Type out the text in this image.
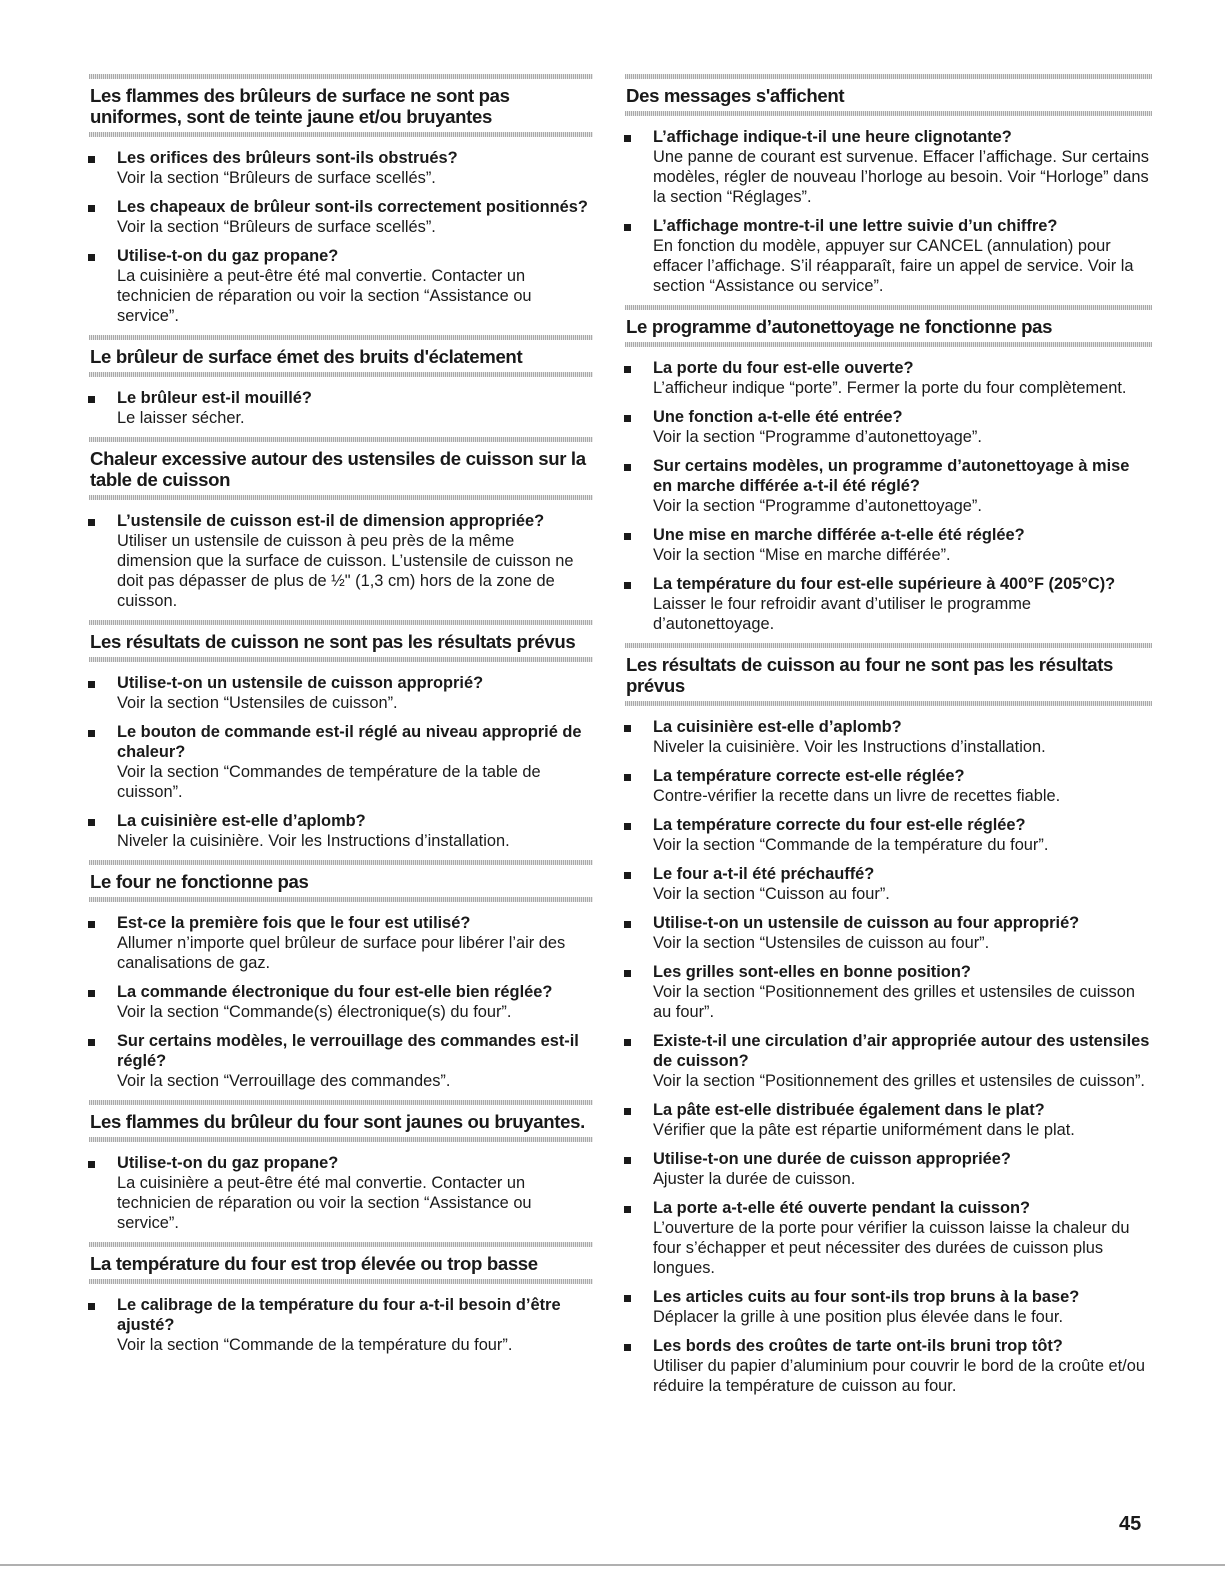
Les flammes des brûleurs de surface ne sont pas uniformes, sont de teinte jaune et/ou bruyantes
Les orifices des brûleurs sont-ils obstrués?
Voir la section “Brûleurs de surface scellés”.
Les chapeaux de brûleur sont-ils correctement positionnés?
Voir la section “Brûleurs de surface scellés”.
Utilise-t-on du gaz propane?
La cuisinière a peut-être été mal convertie. Contacter un technicien de réparation ou voir la section “Assistance ou service”.
Le brûleur de surface émet des bruits d'éclatement
Le brûleur est-il mouillé?
Le laisser sécher.
Chaleur excessive autour des ustensiles de cuisson sur la table de cuisson
L’ustensile de cuisson est-il de dimension appropriée?
Utiliser un ustensile de cuisson à peu près de la même dimension que la surface de cuisson. L’ustensile de cuisson ne doit pas dépasser de plus de ½" (1,3 cm) hors de la zone de cuisson.
Les résultats de cuisson ne sont pas les résultats prévus
Utilise-t-on un ustensile de cuisson approprié?
Voir la section “Ustensiles de cuisson”.
Le bouton de commande est-il réglé au niveau approprié de chaleur?
Voir la section “Commandes de température de la table de cuisson”.
La cuisinière est-elle d’aplomb?
Niveler la cuisinière. Voir les Instructions d’installation.
Le four ne fonctionne pas
Est-ce la première fois que le four est utilisé?
Allumer n’importe quel brûleur de surface pour libérer l’air des canalisations de gaz.
La commande électronique du four est-elle bien réglée?
Voir la section “Commande(s) électronique(s) du four”.
Sur certains modèles, le verrouillage des commandes est-il réglé?
Voir la section “Verrouillage des commandes”.
Les flammes du brûleur du four sont jaunes ou bruyantes.
Utilise-t-on du gaz propane?
La cuisinière a peut-être été mal convertie. Contacter un technicien de réparation ou voir la section “Assistance ou service”.
La température du four est trop élevée ou trop basse
Le calibrage de la température du four a-t-il besoin d’être ajusté?
Voir la section “Commande de la température du four”.
Des messages s'affichent
L’affichage indique-t-il une heure clignotante?
Une panne de courant est survenue. Effacer l’affichage. Sur certains modèles, régler de nouveau l’horloge au besoin. Voir “Horloge” dans la section “Réglages”.
L’affichage montre-t-il une lettre suivie d’un chiffre?
En fonction du modèle, appuyer sur CANCEL (annulation) pour effacer l’affichage. S’il réapparaît, faire un appel de service. Voir la section “Assistance ou service”.
Le programme d’autonettoyage ne fonctionne pas
La porte du four est-elle ouverte?
L’afficheur indique “porte”. Fermer la porte du four complètement.
Une fonction a-t-elle été entrée?
Voir la section “Programme d’autonettoyage”.
Sur certains modèles, un programme d’autonettoyage à mise en marche différée a-t-il été réglé?
Voir la section “Programme d’autonettoyage”.
Une mise en marche différée a-t-elle été réglée?
Voir la section “Mise en marche différée”.
La température du four est-elle supérieure à 400°F (205°C)?
Laisser le four refroidir avant d’utiliser le programme d’autonettoyage.
Les résultats de cuisson au four ne sont pas les résultats prévus
La cuisinière est-elle d’aplomb?
Niveler la cuisinière. Voir les Instructions d’installation.
La température correcte est-elle réglée?
Contre-vérifier la recette dans un livre de recettes fiable.
La température correcte du four est-elle réglée?
Voir la section “Commande de la température du four”.
Le four a-t-il été préchauffé?
Voir la section “Cuisson au four”.
Utilise-t-on un ustensile de cuisson au four approprié?
Voir la section “Ustensiles de cuisson au four”.
Les grilles sont-elles en bonne position?
Voir la section “Positionnement des grilles et ustensiles de cuisson au four”.
Existe-t-il une circulation d’air appropriée autour des ustensiles de cuisson?
Voir la section “Positionnement des grilles et ustensiles de cuisson”.
La pâte est-elle distribuée également dans le plat?
Vérifier que la pâte est répartie uniformément dans le plat.
Utilise-t-on une durée de cuisson appropriée?
Ajuster la durée de cuisson.
La porte a-t-elle été ouverte pendant la cuisson?
L’ouverture de la porte pour vérifier la cuisson laisse la chaleur du four s’échapper et peut nécessiter des durées de cuisson plus longues.
Les articles cuits au four sont-ils trop bruns à la base?
Déplacer la grille à une position plus élevée dans le four.
Les bords des croûtes de tarte ont-ils bruni trop tôt?
Utiliser du papier d’aluminium pour couvrir le bord de la croûte et/ou réduire la température de cuisson au four.
45
